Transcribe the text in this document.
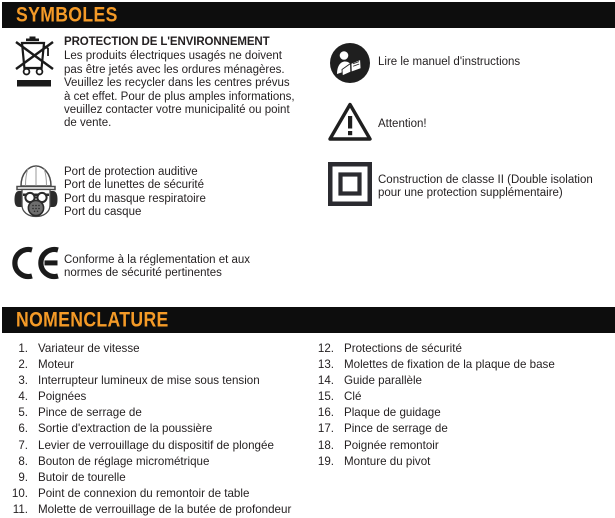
SYMBOLES
PROTECTION DE L'ENVIRONNEMENT
Les produits électriques usagés ne doivent
pas être jetés avec les ordures ménagères.
Veuillez les recycler dans les centres prévus
à cet effet. Pour de plus amples informations,
veuillez contacter votre municipalité ou point
de vente.
Port de protection auditive
Port de lunettes de sécurité
Port du masque respiratoire
Port du casque
Conforme à la réglementation et aux
normes de sécurité pertinentes
Lire le manuel d'instructions
Attention!
Construction de classe II (Double isolation
pour une protection supplémentaire)
NOMENCLATURE
1. Variateur de vitesse
2. Moteur
3. Interrupteur lumineux de mise sous tension
4. Poignées
5. Pince de serrage de
6. Sortie d'extraction de la poussière
7. Levier de verrouillage du dispositif de plongée
8. Bouton de réglage micrométrique
9. Butoir de tourelle
10. Point de connexion du remontoir de table
11. Molette de verrouillage de la butée de profondeur
12. Protections de sécurité
13. Molettes de fixation de la plaque de base
14. Guide parallèle
15. Clé
16. Plaque de guidage
17. Pince de serrage de
18. Poignée remontoir
19. Monture du pivot
